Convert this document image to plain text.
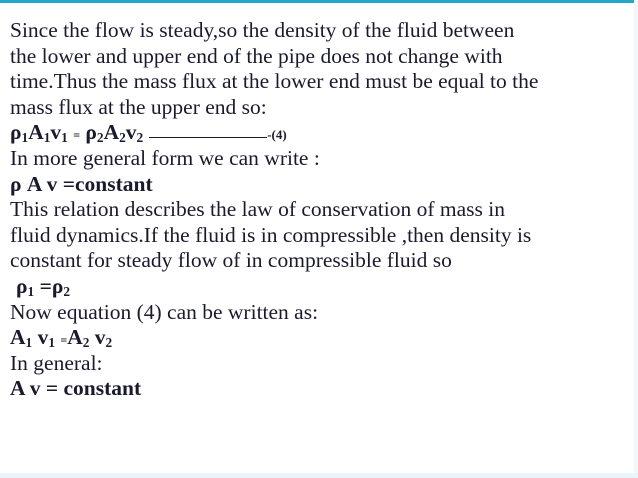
Since the flow is steady,so the density of the fluid between
the lower and upper end of the pipe does not change with
time.Thus the mass flux at the lower end must be equal to the
mass flux at the upper end so:
$\rho_1A_1v_1 = \rho_2A_2v_2$	-(4)
In more general form we can write :
ρ A v =constant
This relation describes the law of conservation of mass in
fluid dynamics.If the fluid is in compressible ,then density is
constant for steady flow of in compressible fluid so
$\rho_1 =\rho_2$
Now equation (4) can be written as:
$A_1$ $v_1 =A_2$ $v_2$
In general:
A v = constant
